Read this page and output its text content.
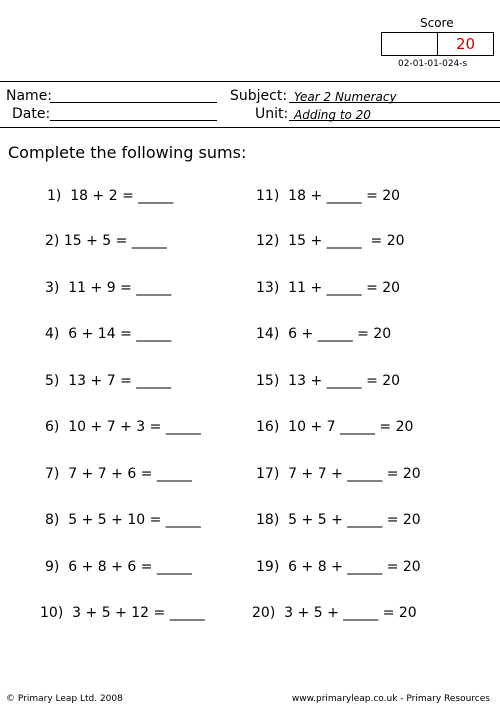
Score
20
02-01-01-024-s
Name:
Date:
Subject: Year 2 Numeracy
Unit: Adding to 20
Complete the following sums:
1)  18 + 2 = _____
2) 15 + 5 = _____
3)  11 + 9 = _____
4)  6 + 14 = _____
5)  13 + 7 = _____
6)  10 + 7 + 3 = _____
7)  7 + 7 + 6 = _____
8)  5 + 5 + 10 = _____
9)  6 + 8 + 6 = _____
10)  3 + 5 + 12 = _____
11)  18 + _____ = 20
12)  15 + _____  = 20
13)  11 + _____ = 20
14)  6 + _____ = 20
15)  13 + _____ = 20
16)  10 + 7 _____ = 20
17)  7 + 7 + _____ = 20
18)  5 + 5 + _____ = 20
19)  6 + 8 + _____ = 20
20)  3 + 5 + _____ = 20
© Primary Leap Ltd. 2008	www.primaryleap.co.uk - Primary Resources
